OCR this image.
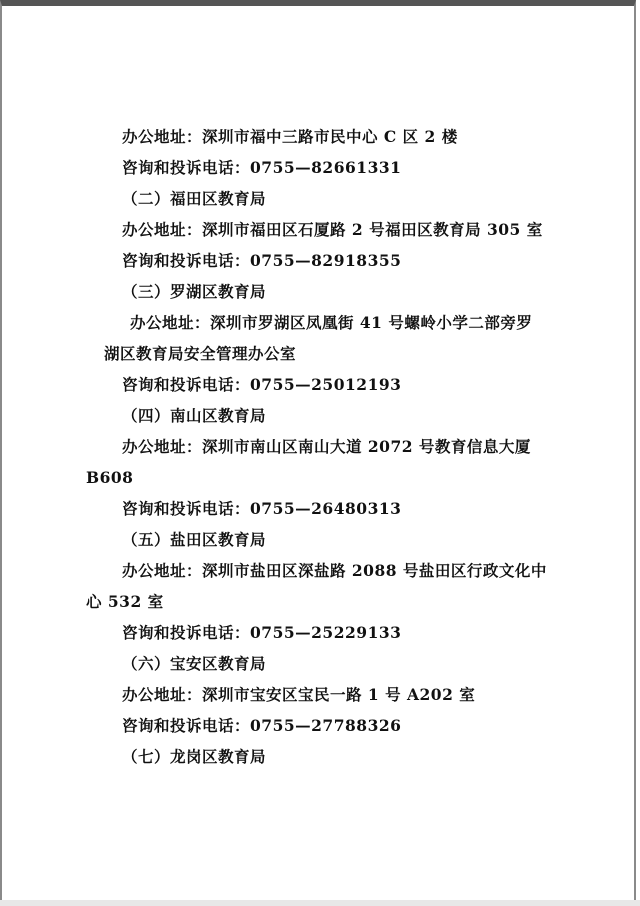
办公地址：深圳市福中三路市民中心 C 区 2 楼
咨询和投诉电话：0755—82661331
（二）福田区教育局
办公地址：深圳市福田区石厦路 2 号福田区教育局 305 室
咨询和投诉电话：0755—82918355
（三）罗湖区教育局
办公地址：深圳市罗湖区凤凰街 41 号螺岭小学二部旁罗
湖区教育局安全管理办公室
咨询和投诉电话：0755—25012193
（四）南山区教育局
办公地址：深圳市南山区南山大道 2072 号教育信息大厦
B608
咨询和投诉电话：0755—26480313
（五）盐田区教育局
办公地址：深圳市盐田区深盐路 2088 号盐田区行政文化中
心 532 室
咨询和投诉电话：0755—25229133
（六）宝安区教育局
办公地址：深圳市宝安区宝民一路 1 号 A202 室
咨询和投诉电话：0755—27788326
（七）龙岗区教育局
